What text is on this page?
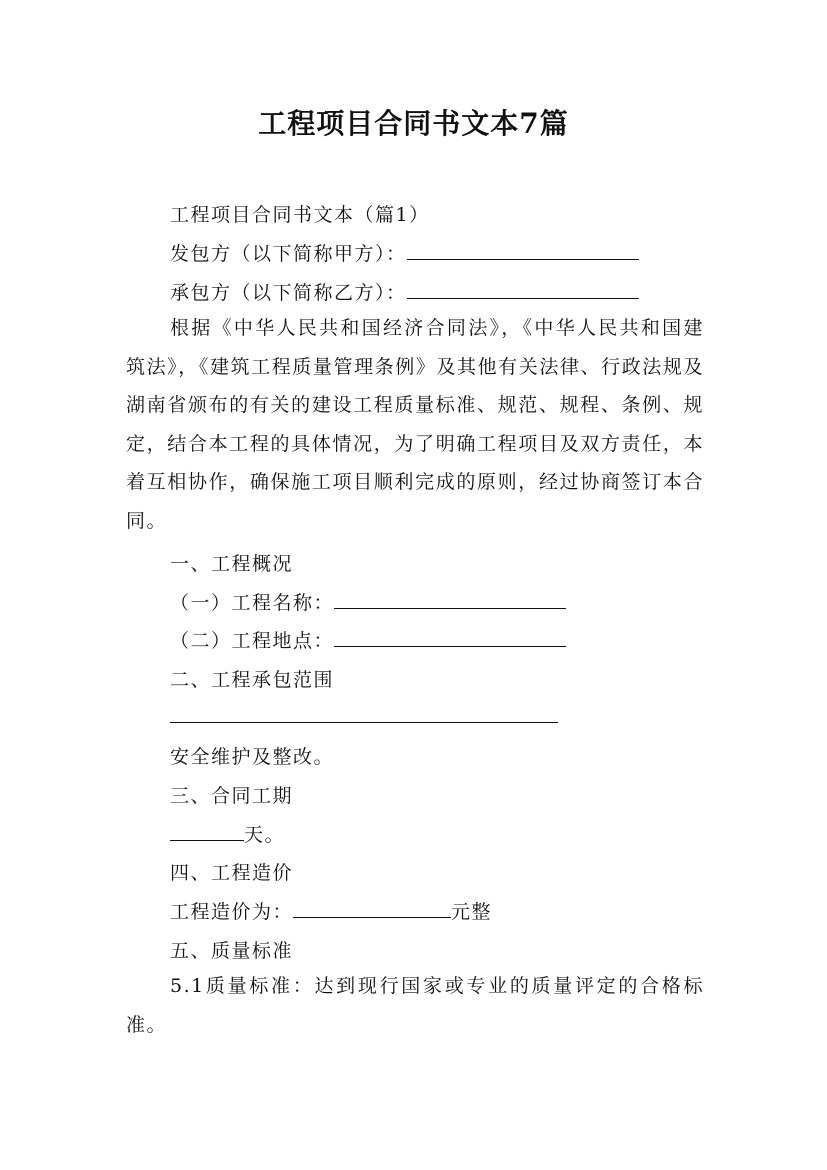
工程项目合同书文本7篇
工程项目合同书文本（篇1）
发包方（以下简称甲方）：
承包方（以下简称乙方）：
根据《中华人民共和国经济合同法》，《中华人民共和国建筑法》，《建筑工程质量管理条例》及其他有关法律、行政法规及湖南省颁布的有关的建设工程质量标准、规范、规程、条例、规定，结合本工程的具体情况，为了明确工程项目及双方责任，本着互相协作，确保施工项目顺利完成的原则，经过协商签订本合同。
一、工程概况
（一）工程名称：
（二）工程地点：
二、工程承包范围
安全维护及整改。
三、合同工期
天。
四、工程造价
工程造价为：	元整
五、质量标准
5.1质量标准：达到现行国家或专业的质量评定的合格标准。
